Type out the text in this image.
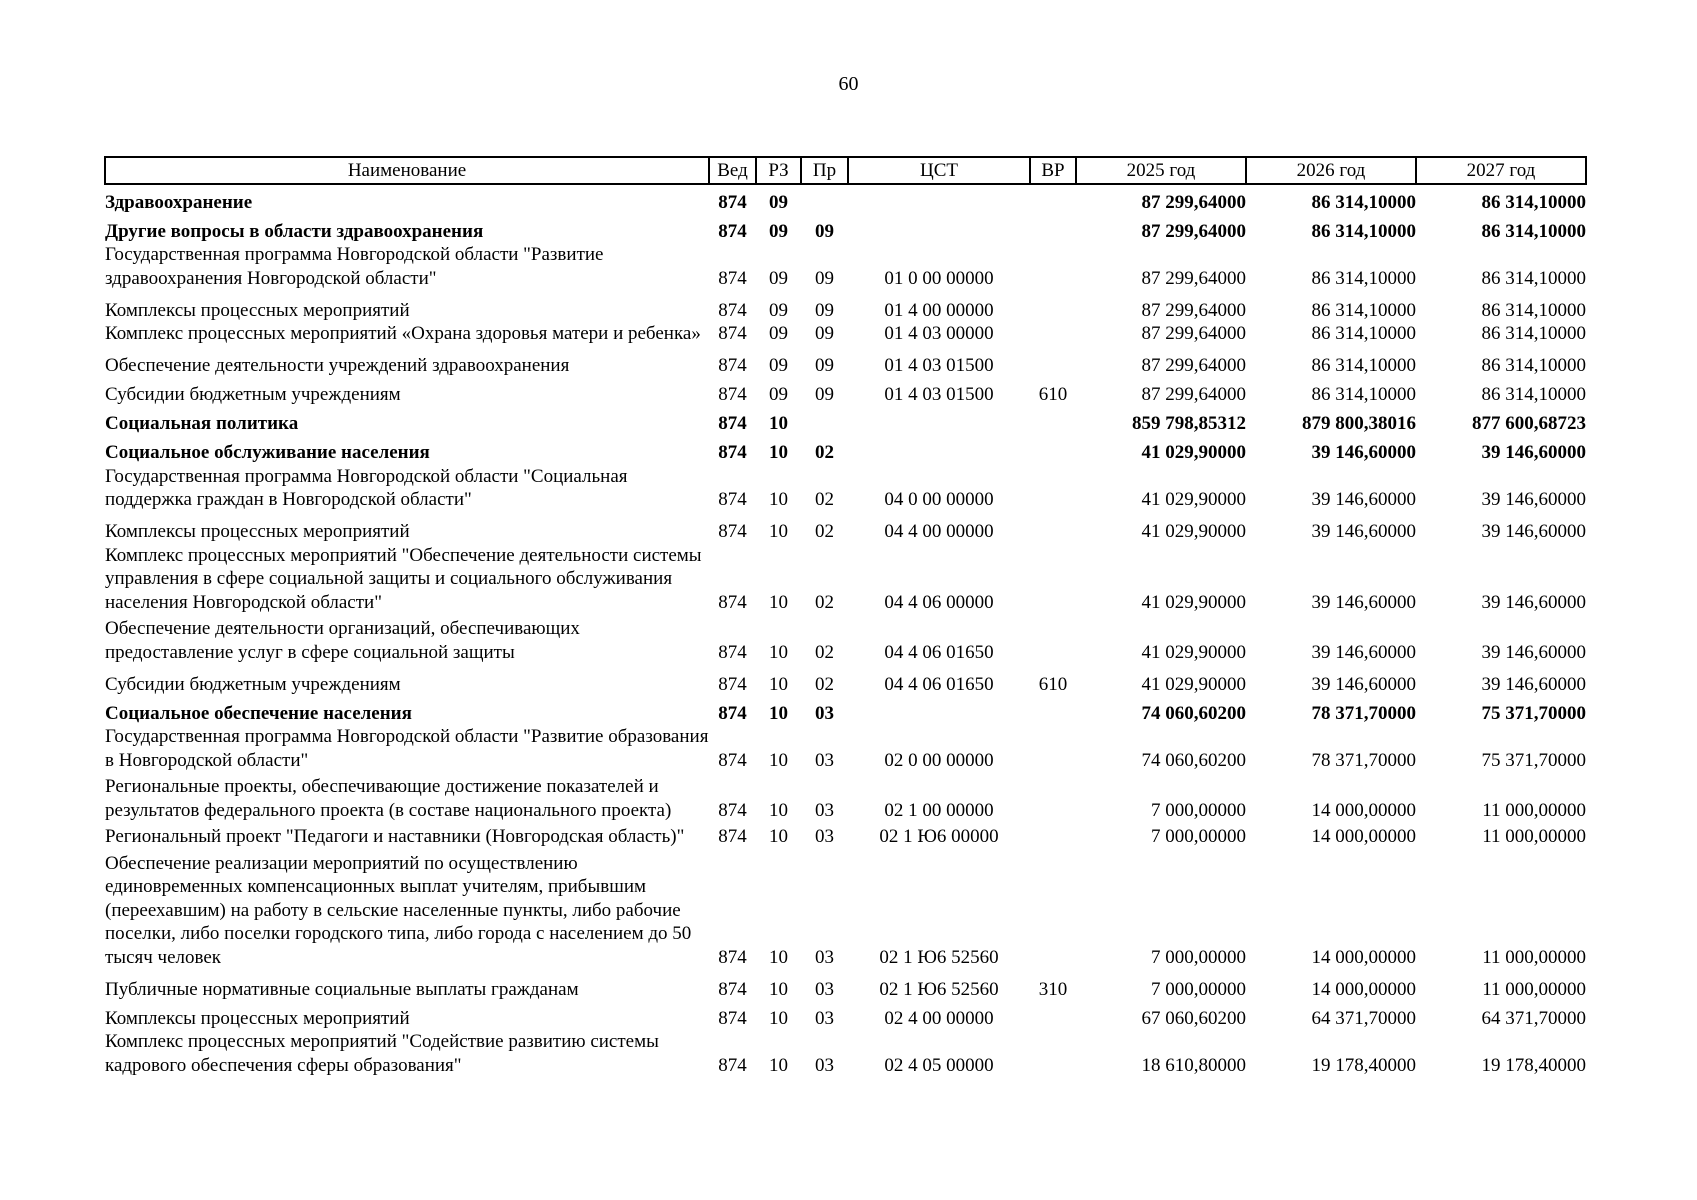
60
Наименование	Вед	РЗ	Пр	ЦСТ	ВР	2025 год	2026 год	2027 год
Здравоохранение	874	09				87 299,64000	86 314,10000	86 314,10000
Другие вопросы в области здравоохранения	874	09	09			87 299,64000	86 314,10000	86 314,10000
Государственная программа Новгородской области "Развитие здравоохранения Новгородской области"	874	09	09	01 0 00 00000		87 299,64000	86 314,10000	86 314,10000
Комплексы процессных мероприятий	874	09	09	01 4 00 00000		87 299,64000	86 314,10000	86 314,10000
Комплекс процессных мероприятий «Охрана здоровья матери и ребенка»	874	09	09	01 4 03 00000		87 299,64000	86 314,10000	86 314,10000
Обеспечение деятельности учреждений здравоохранения	874	09	09	01 4 03 01500		87 299,64000	86 314,10000	86 314,10000
Субсидии бюджетным учреждениям	874	09	09	01 4 03 01500	610	87 299,64000	86 314,10000	86 314,10000
Социальная политика	874	10				859 798,85312	879 800,38016	877 600,68723
Социальное обслуживание населения	874	10	02			41 029,90000	39 146,60000	39 146,60000
Государственная программа Новгородской области "Социальная поддержка граждан в Новгородской области"	874	10	02	04 0 00 00000		41 029,90000	39 146,60000	39 146,60000
Комплексы процессных мероприятий	874	10	02	04 4 00 00000		41 029,90000	39 146,60000	39 146,60000
Комплекс процессных мероприятий "Обеспечение деятельности системы управления в сфере социальной защиты и социального обслуживания населения Новгородской области"	874	10	02	04 4 06 00000		41 029,90000	39 146,60000	39 146,60000
Обеспечение деятельности организаций, обеспечивающих предоставление услуг в сфере социальной защиты	874	10	02	04 4 06 01650		41 029,90000	39 146,60000	39 146,60000
Субсидии бюджетным учреждениям	874	10	02	04 4 06 01650	610	41 029,90000	39 146,60000	39 146,60000
Социальное обеспечение населения	874	10	03			74 060,60200	78 371,70000	75 371,70000
Государственная программа Новгородской области "Развитие образования в Новгородской области"	874	10	03	02 0 00 00000		74 060,60200	78 371,70000	75 371,70000
Региональные проекты, обеспечивающие достижение показателей и результатов федерального проекта (в составе национального проекта)	874	10	03	02 1 00 00000		7 000,00000	14 000,00000	11 000,00000
Региональный проект "Педагоги и наставники (Новгородская область)"	874	10	03	02 1 Ю6 00000		7 000,00000	14 000,00000	11 000,00000
Обеспечение реализации мероприятий по осуществлению единовременных компенсационных выплат учителям, прибывшим (переехавшим) на работу в сельские населенные пункты, либо рабочие поселки, либо поселки городского типа, либо города с населением до 50 тысяч человек	874	10	03	02 1 Ю6 52560		7 000,00000	14 000,00000	11 000,00000
Публичные нормативные социальные выплаты гражданам	874	10	03	02 1 Ю6 52560	310	7 000,00000	14 000,00000	11 000,00000
Комплексы процессных мероприятий	874	10	03	02 4 00 00000		67 060,60200	64 371,70000	64 371,70000
Комплекс процессных мероприятий "Содействие развитию системы кадрового обеспечения сферы образования"	874	10	03	02 4 05 00000		18 610,80000	19 178,40000	19 178,40000
